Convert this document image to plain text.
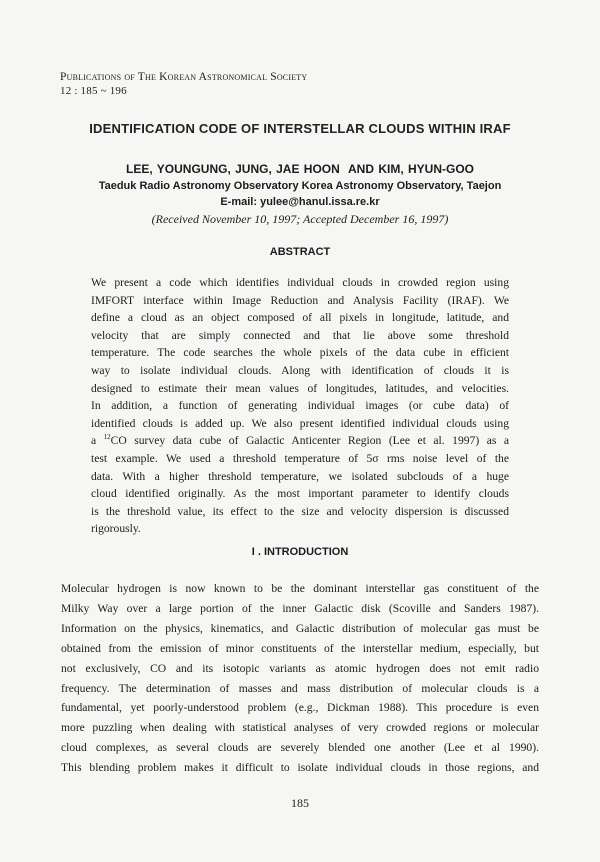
Publications of The Korean Astronomical Society
12 : 185 ~ 196
IDENTIFICATION CODE OF INTERSTELLAR CLOUDS WITHIN IRAF
LEE, YOUNGUNG, JUNG, JAE HOON  AND KIM, HYUN-GOO
Taeduk Radio Astronomy Observatory Korea Astronomy Observatory, Taejon
E-mail: yulee@hanul.issa.re.kr
(Received November 10, 1997; Accepted December 16, 1997)
ABSTRACT
We present a code which identifies individual clouds in crowded region using
IMFORT interface within Image Reduction and Analysis Facility (IRAF). We
define a cloud as an object composed of all pixels in longitude, latitude, and
velocity that are simply connected and that lie above some threshold
temperature. The code searches the whole pixels of the data cube in efficient
way to isolate individual clouds. Along with identification of clouds it is
designed to estimate their mean values of longitudes, latitudes, and velocities.
In addition, a function of generating individual images (or cube data) of
identified clouds is added up. We also present identified individual clouds using
a $^{12}$CO survey data cube of Galactic Anticenter Region (Lee et al. 1997) as a
test example. We used a threshold temperature of 5σ rms noise level of the
data. With a higher threshold temperature, we isolated subclouds of a huge
cloud identified originally. As the most important parameter to identify clouds
is the threshold value, its effect to the size and velocity dispersion is discussed
rigorously.
I . INTRODUCTION
Molecular hydrogen is now known to be the dominant interstellar gas constituent of the
Milky Way over a large portion of the inner Galactic disk (Scoville and Sanders 1987).
Information on the physics, kinematics, and Galactic distribution of molecular gas must be
obtained from the emission of minor constituents of the interstellar medium, especially, but
not exclusively, CO and its isotopic variants as atomic hydrogen does not emit radio
frequency. The determination of masses and mass distribution of molecular clouds is a
fundamental, yet poorly-understood problem (e.g., Dickman 1988). This procedure is even
more puzzling when dealing with statistical analyses of very crowded regions or molecular
cloud complexes, as several clouds are severely blended one another (Lee et al 1990).
This blending problem makes it difficult to isolate individual clouds in those regions, and
185
